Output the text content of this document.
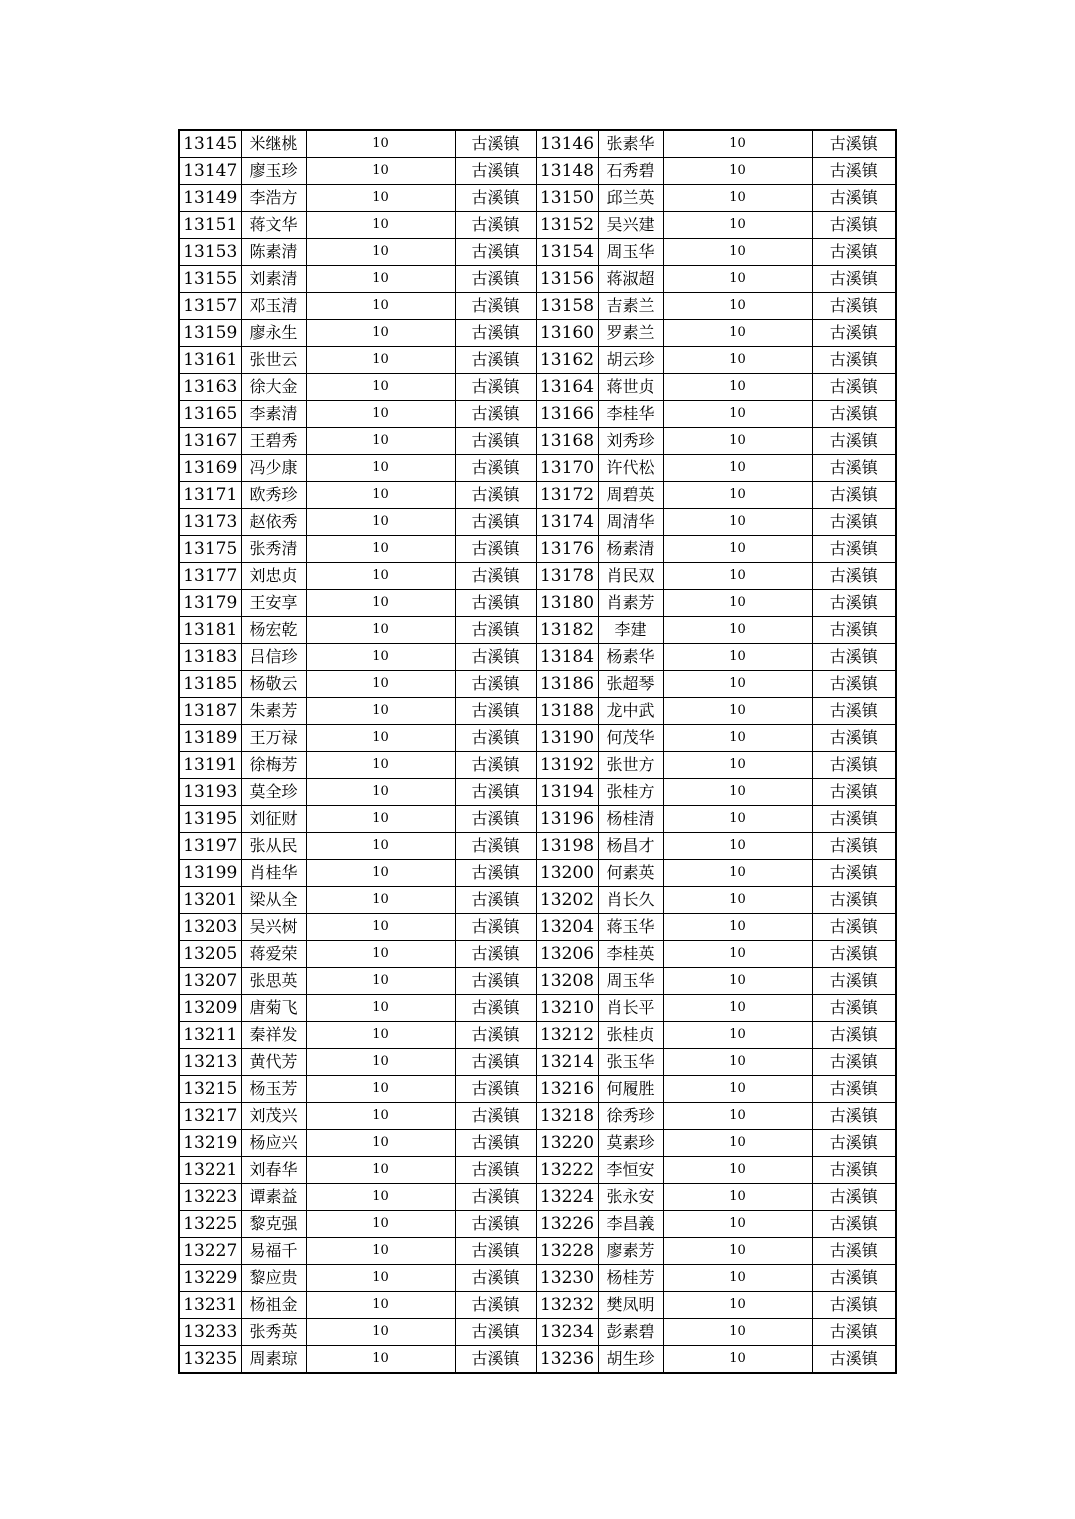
13145	米继桃	10	古溪镇	13146	张素华	10	古溪镇
13147	廖玉珍	10	古溪镇	13148	石秀碧	10	古溪镇
13149	李浩方	10	古溪镇	13150	邱兰英	10	古溪镇
13151	蒋文华	10	古溪镇	13152	吴兴建	10	古溪镇
13153	陈素清	10	古溪镇	13154	周玉华	10	古溪镇
13155	刘素清	10	古溪镇	13156	蒋淑超	10	古溪镇
13157	邓玉清	10	古溪镇	13158	吉素兰	10	古溪镇
13159	廖永生	10	古溪镇	13160	罗素兰	10	古溪镇
13161	张世云	10	古溪镇	13162	胡云珍	10	古溪镇
13163	徐大金	10	古溪镇	13164	蒋世贞	10	古溪镇
13165	李素清	10	古溪镇	13166	李桂华	10	古溪镇
13167	王碧秀	10	古溪镇	13168	刘秀珍	10	古溪镇
13169	冯少康	10	古溪镇	13170	许代松	10	古溪镇
13171	欧秀珍	10	古溪镇	13172	周碧英	10	古溪镇
13173	赵依秀	10	古溪镇	13174	周清华	10	古溪镇
13175	张秀清	10	古溪镇	13176	杨素清	10	古溪镇
13177	刘忠贞	10	古溪镇	13178	肖民双	10	古溪镇
13179	王安享	10	古溪镇	13180	肖素芳	10	古溪镇
13181	杨宏乾	10	古溪镇	13182	李建	10	古溪镇
13183	吕信珍	10	古溪镇	13184	杨素华	10	古溪镇
13185	杨敬云	10	古溪镇	13186	张超琴	10	古溪镇
13187	朱素芳	10	古溪镇	13188	龙中武	10	古溪镇
13189	王万禄	10	古溪镇	13190	何茂华	10	古溪镇
13191	徐梅芳	10	古溪镇	13192	张世方	10	古溪镇
13193	莫全珍	10	古溪镇	13194	张桂方	10	古溪镇
13195	刘征财	10	古溪镇	13196	杨桂清	10	古溪镇
13197	张从民	10	古溪镇	13198	杨昌才	10	古溪镇
13199	肖桂华	10	古溪镇	13200	何素英	10	古溪镇
13201	梁从全	10	古溪镇	13202	肖长久	10	古溪镇
13203	吴兴树	10	古溪镇	13204	蒋玉华	10	古溪镇
13205	蒋爱荣	10	古溪镇	13206	李桂英	10	古溪镇
13207	张思英	10	古溪镇	13208	周玉华	10	古溪镇
13209	唐菊飞	10	古溪镇	13210	肖长平	10	古溪镇
13211	秦祥发	10	古溪镇	13212	张桂贞	10	古溪镇
13213	黄代芳	10	古溪镇	13214	张玉华	10	古溪镇
13215	杨玉芳	10	古溪镇	13216	何履胜	10	古溪镇
13217	刘茂兴	10	古溪镇	13218	徐秀珍	10	古溪镇
13219	杨应兴	10	古溪镇	13220	莫素珍	10	古溪镇
13221	刘春华	10	古溪镇	13222	李恒安	10	古溪镇
13223	谭素益	10	古溪镇	13224	张永安	10	古溪镇
13225	黎克强	10	古溪镇	13226	李昌義	10	古溪镇
13227	易福千	10	古溪镇	13228	廖素芳	10	古溪镇
13229	黎应贵	10	古溪镇	13230	杨桂芳	10	古溪镇
13231	杨祖金	10	古溪镇	13232	樊凤明	10	古溪镇
13233	张秀英	10	古溪镇	13234	彭素碧	10	古溪镇
13235	周素琼	10	古溪镇	13236	胡生珍	10	古溪镇
